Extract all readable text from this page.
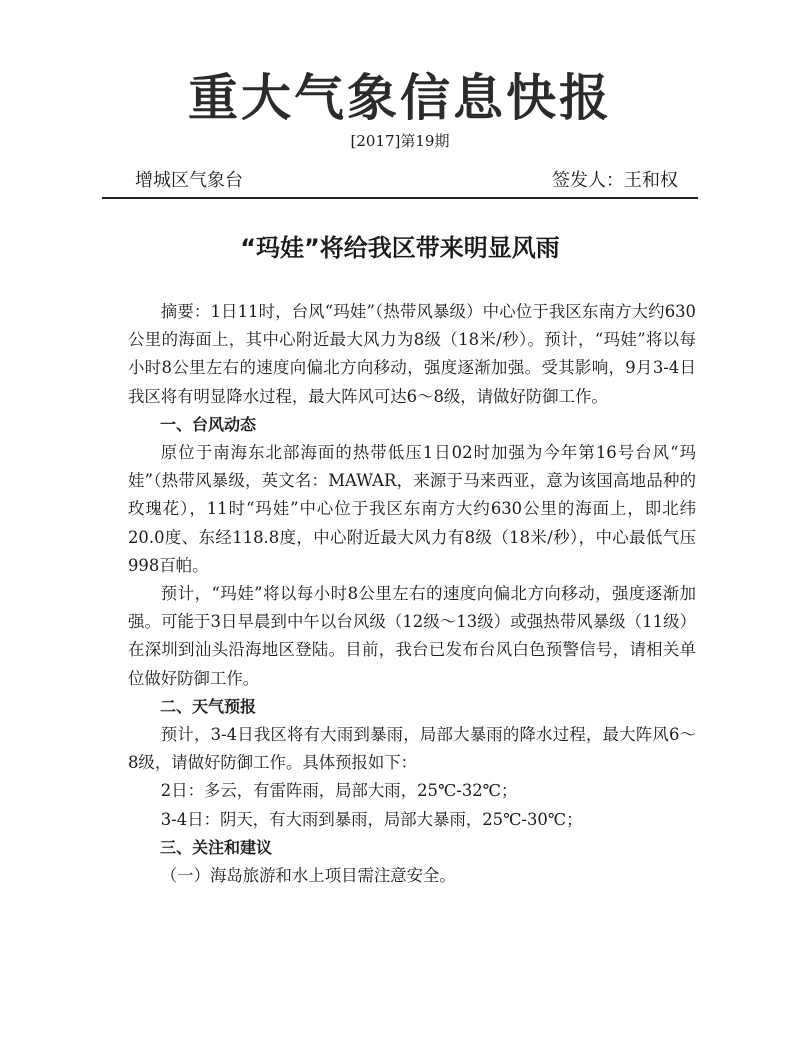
重大气象信息快报
[2017]第19期
增城区气象台	签发人：王和权
“玛娃”将给我区带来明显风雨

摘要：1日11时，台风“玛娃”（热带风暴级）中心位于我区东南方大约630公里的海面上，其中心附近最大风力为8级（18米/秒）。预计，“玛娃”将以每小时8公里左右的速度向偏北方向移动，强度逐渐加强。受其影响，9月3-4日我区将有明显降水过程，最大阵风可达6～8级，请做好防御工作。

一、台风动态

原位于南海东北部海面的热带低压1日02时加强为今年第16号台风“玛娃”（热带风暴级，英文名：MAWAR，来源于马来西亚，意为该国高地品种的玫瑰花），11时“玛娃”中心位于我区东南方大约630公里的海面上，即北纬20.0度、东经118.8度，中心附近最大风力有8级（18米/秒），中心最低气压998百帕。

预计，“玛娃”将以每小时8公里左右的速度向偏北方向移动，强度逐渐加强。可能于3日早晨到中午以台风级（12级～13级）或强热带风暴级（11级）在深圳到汕头沿海地区登陆。目前，我台已发布台风白色预警信号，请相关单位做好防御工作。

二、天气预报

预计，3-4日我区将有大雨到暴雨，局部大暴雨的降水过程，最大阵风6～8级，请做好防御工作。具体预报如下：

2日：多云，有雷阵雨，局部大雨，25℃-32℃；

3-4日：阴天，有大雨到暴雨，局部大暴雨，25℃-30℃；

三、关注和建议

（一）海岛旅游和水上项目需注意安全。
